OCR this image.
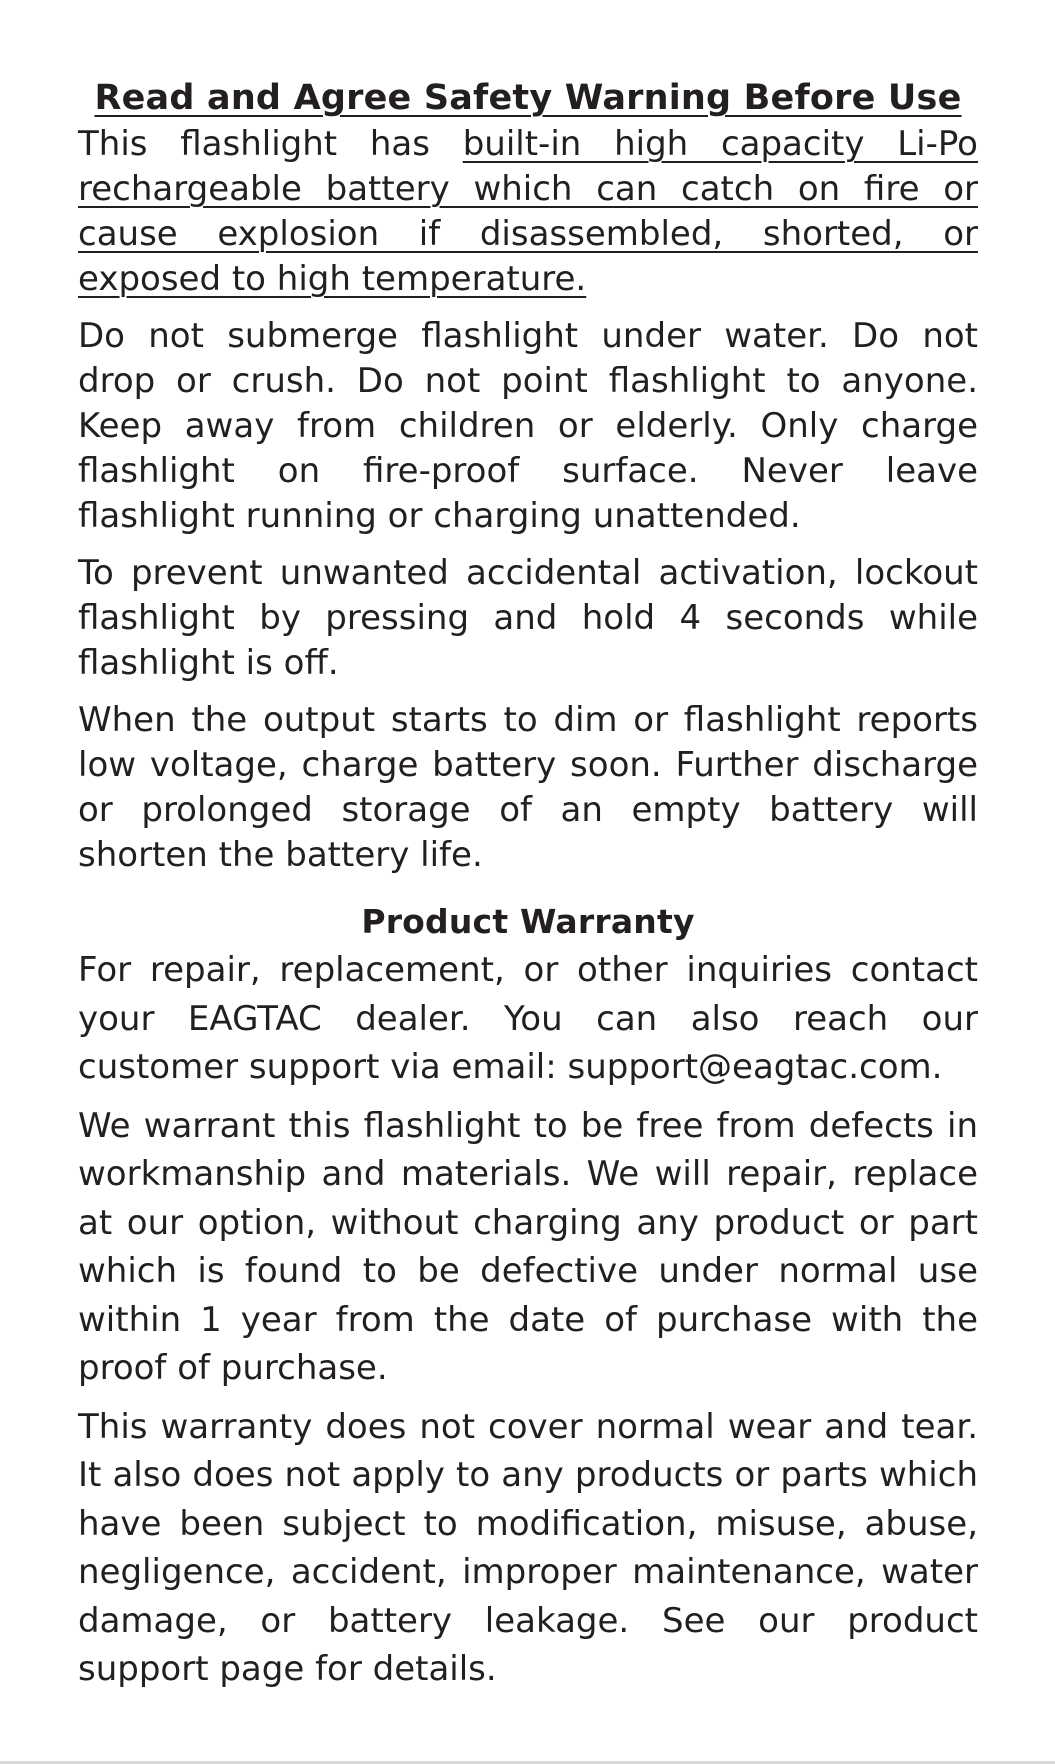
Read and Agree Safety Warning Before Use

This flashlight has built-in high capacity Li-Po rechargeable battery which can catch on fire or cause explosion if disassembled, shorted, or exposed to high temperature.

Do not submerge flashlight under water. Do not drop or crush. Do not point flashlight to anyone. Keep away from children or elderly. Only charge flashlight on fire-proof surface. Never leave flashlight running or charging unattended.

To prevent unwanted accidental activation, lockout flashlight by pressing and hold 4 seconds while flashlight is off.

When the output starts to dim or flashlight reports low voltage, charge battery soon. Further discharge or prolonged storage of an empty battery will shorten the battery life.

Product Warranty

For repair, replacement, or other inquiries contact your EAGTAC dealer. You can also reach our customer support via email: support@eagtac.com.

We warrant this flashlight to be free from defects in workmanship and materials. We will repair, replace at our option, without charging any product or part which is found to be defective under normal use within 1 year from the date of purchase with the proof of purchase.

This warranty does not cover normal wear and tear. It also does not apply to any products or parts which have been subject to modification, misuse, abuse, negligence, accident, improper maintenance, water damage, or battery leakage. See our product support page for details.
